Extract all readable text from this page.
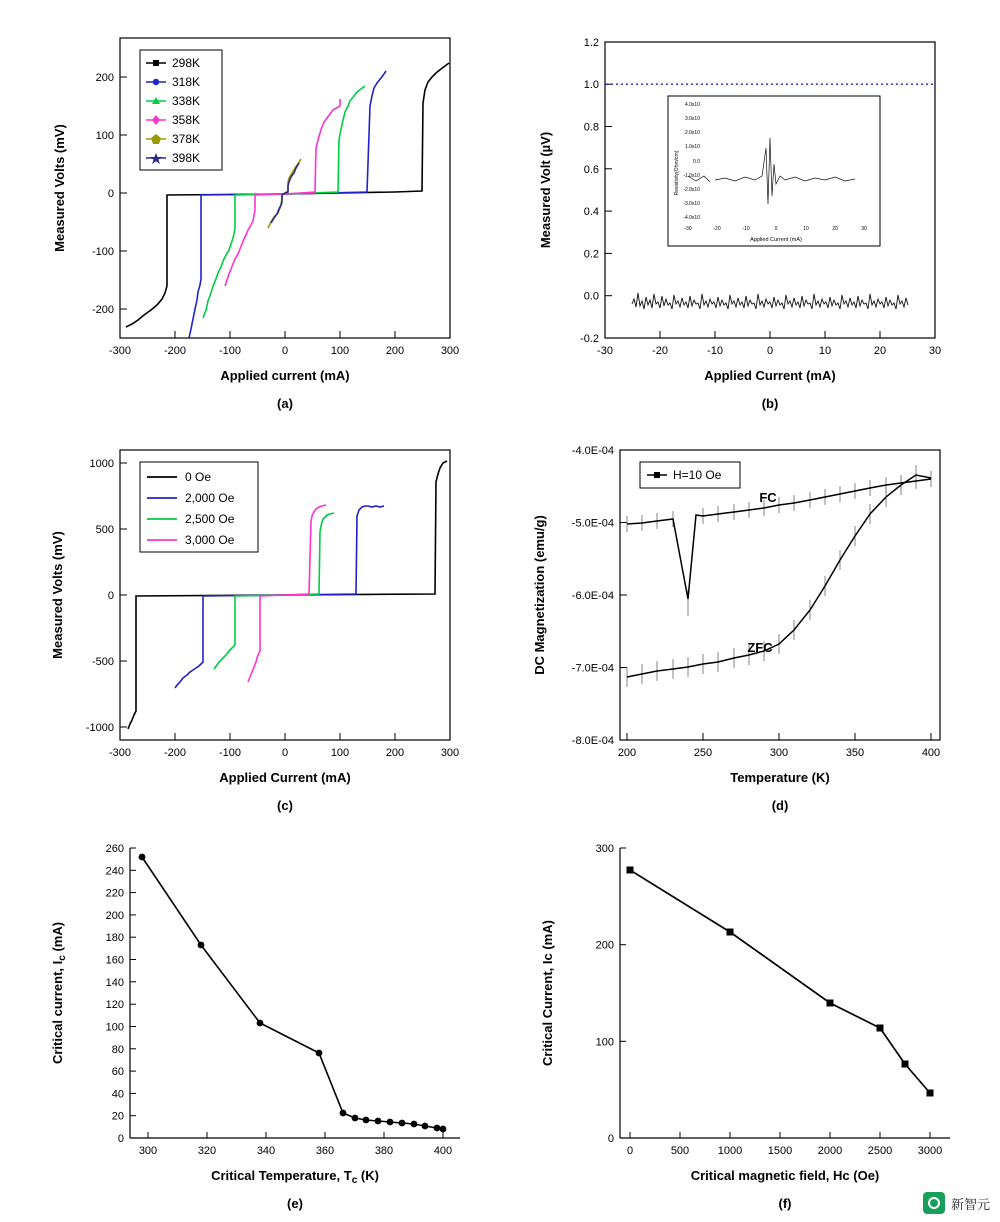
-300	-200	-100	0	100	200	300
-200
-100
0
100
200
298K
318K
338K
358K
378K
398K
Applied current (mA)
Measured Volts (mV)
(a)
-30	-20	-10	0	10	20	30
-0.2
0.0
0.2
0.4
0.6
0.8
1.0
1.2
Resistivity(Ohm/cm)
Applied Current (mA)
-30	-20	-10	0	10	20	30
4.0x10
3.0x10
2.0x10
1.0x10
0.0
-1.0x10
-2.0x10
-3.0x10
-4.0x10
Applied Current (mA)
Measured Volt (µV)
(b)
-300	-200	-100	0	100	200	300
-1000
-500
0
500
1000
0 Oe
2,000 Oe
2,500 Oe
3,000 Oe
Applied Current (mA)
Measured Volts (mV)
(c)
200	250	300	350	400
-4.0E-04
-5.0E-04
-6.0E-04
-7.0E-04
-8.0E-04
H=10 Oe
FC
ZFC
Temperature (K)
DC Magnetization (emu/g)
(d)
300	320	340	360	380	400
0
20
40
60
80
100
120
140
160
180
200
220
240
260
Critical Temperature, $T_c$ (K)
Critical current, $I_c$ (mA)
(e)
0	500	1000 1500 2000 2500 3000
0
100
200
300
Critical magnetic field, Hc (Oe)
Critical Current, Ic (mA)
(f)	新智元
